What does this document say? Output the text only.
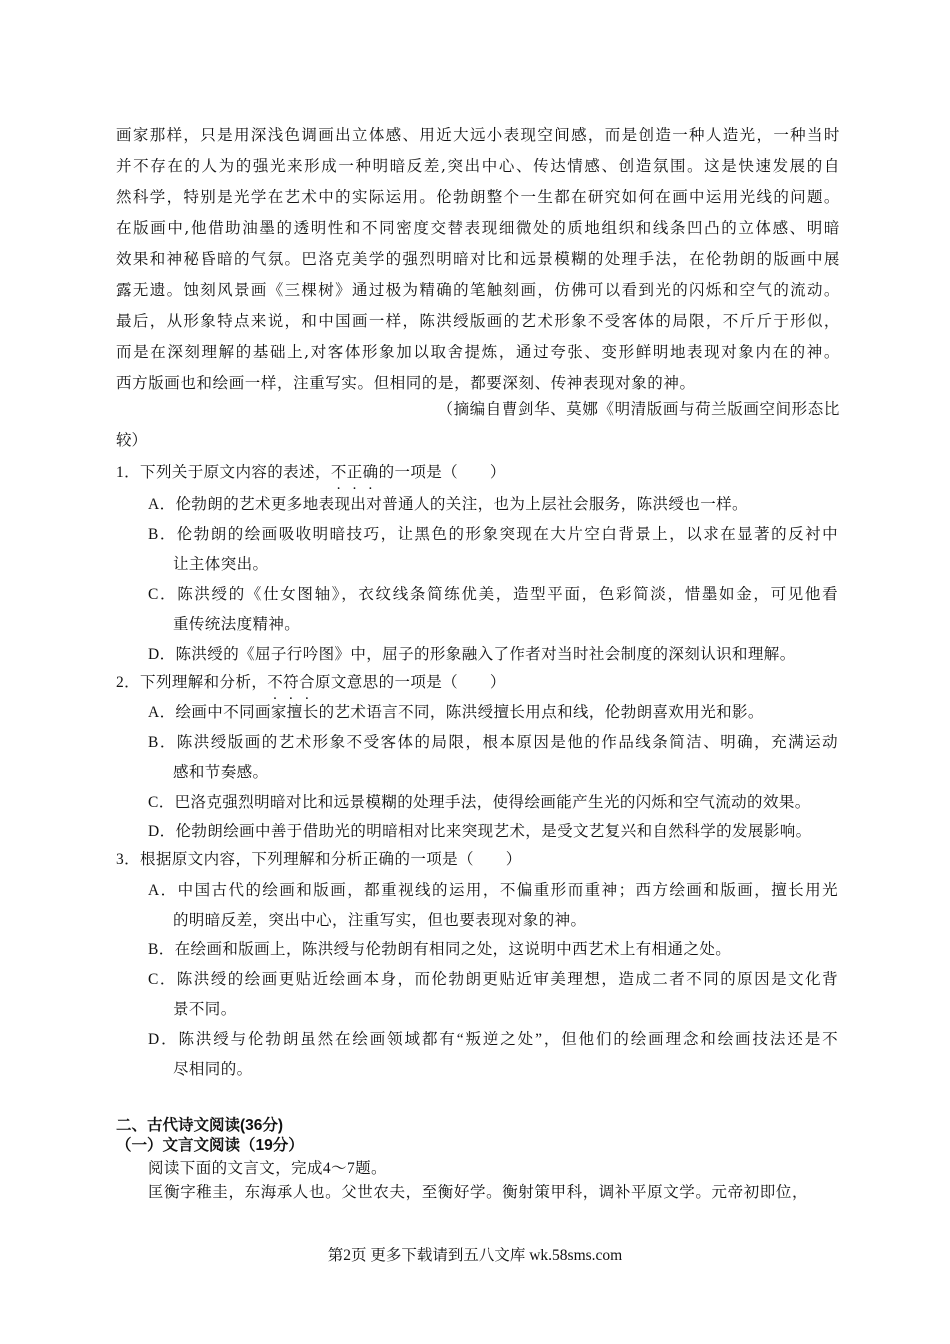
画家那样，只是用深浅色调画出立体感、用近大远小表现空间感，而是创造一种人造光，一种当时
并不存在的人为的强光来形成一种明暗反差,突出中心、传达情感、创造氛围。这是快速发展的自
然科学，特别是光学在艺术中的实际运用。伦勃朗整个一生都在研究如何在画中运用光线的问题。
在版画中,他借助油墨的透明性和不同密度交替表现细微处的质地组织和线条凹凸的立体感、明暗
效果和神秘昏暗的气氛。巴洛克美学的强烈明暗对比和远景模糊的处理手法，在伦勃朗的版画中展
露无遗。蚀刻风景画《三棵树》通过极为精确的笔触刻画，仿佛可以看到光的闪烁和空气的流动。
最后，从形象特点来说，和中国画一样，陈洪绶版画的艺术形象不受客体的局限，不斤斤于形似，
而是在深刻理解的基础上,对客体形象加以取舍提炼，通过夸张、变形鲜明地表现对象内在的神。
西方版画也和绘画一样，注重写实。但相同的是，都要深刻、传神表现对象的神。
（摘编自曹剑华、莫娜《明清版画与荷兰版画空间形态比
较）
1．下列关于原文内容的表述，不正确的一项是（　　）
A．伦勃朗的艺术更多地表现出对普通人的关注，也为上层社会服务，陈洪绶也一样。
B．伦勃朗的绘画吸收明暗技巧，让黑色的形象突现在大片空白背景上，以求在显著的反衬中
让主体突出。
C．陈洪绶的《仕女图轴》，衣纹线条简练优美，造型平面，色彩简淡，惜墨如金，可见他看
重传统法度精神。
D．陈洪绶的《屈子行吟图》中，屈子的形象融入了作者对当时社会制度的深刻认识和理解。
2．下列理解和分析，不符合原文意思的一项是（　　）
A．绘画中不同画家擅长的艺术语言不同，陈洪绶擅长用点和线，伦勃朗喜欢用光和影。
B．陈洪绶版画的艺术形象不受客体的局限，根本原因是他的作品线条简洁、明确，充满运动
感和节奏感。
C．巴洛克强烈明暗对比和远景模糊的处理手法，使得绘画能产生光的闪烁和空气流动的效果。
D．伦勃朗绘画中善于借助光的明暗相对比来突现艺术，是受文艺复兴和自然科学的发展影响。
3．根据原文内容，下列理解和分析正确的一项是（　　）
A．中国古代的绘画和版画，都重视线的运用，不偏重形而重神；西方绘画和版画，擅长用光
的明暗反差，突出中心，注重写实，但也要表现对象的神。
B．在绘画和版画上，陈洪绶与伦勃朗有相同之处，这说明中西艺术上有相通之处。
C．陈洪绶的绘画更贴近绘画本身，而伦勃朗更贴近审美理想，造成二者不同的原因是文化背
景不同。
D．陈洪绶与伦勃朗虽然在绘画领域都有“叛逆之处”，但他们的绘画理念和绘画技法还是不
尽相同的。
二、古代诗文阅读(36分)
（一）文言文阅读（19分）
阅读下面的文言文，完成4～7题。
匡衡字稚圭，东海承人也。父世农夫，至衡好学。衡射策甲科，调补平原文学。元帝初即位，
第2页 更多下载请到五八文库 wk.58sms.com
